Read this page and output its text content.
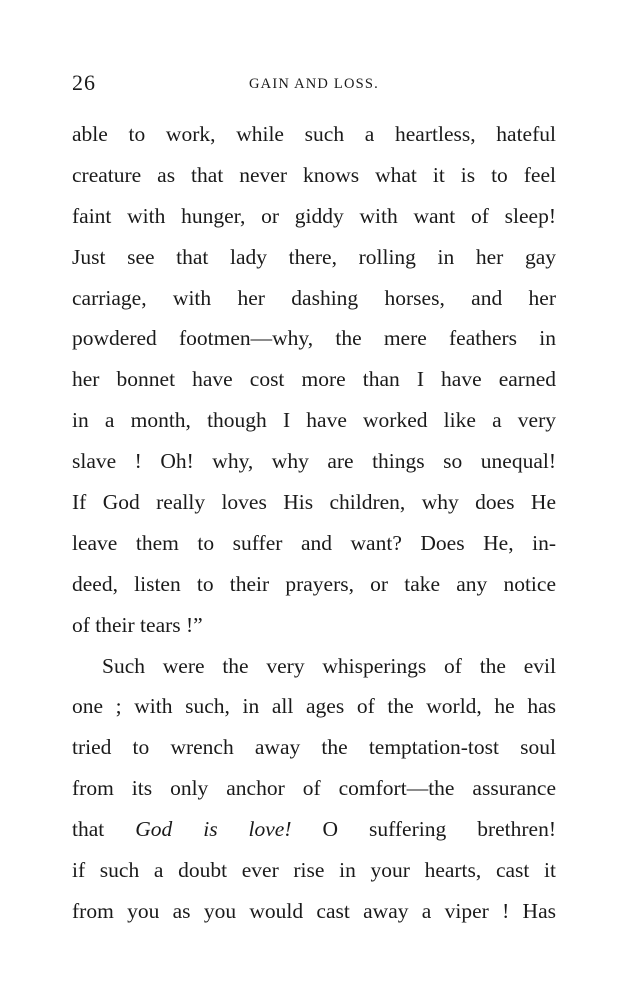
26	GAIN AND LOSS.
able to work, while such a heartless, hateful
creature as that never knows what it is to feel
faint with hunger, or giddy with want of sleep!
Just see that lady there, rolling in her gay
carriage, with her dashing horses, and her
powdered footmen—why, the mere feathers in
her bonnet have cost more than I have earned
in a month, though I have worked like a very
slave ! Oh! why, why are things so unequal!
If God really loves His children, why does He
leave them to suffer and want? Does He, in-
deed, listen to their prayers, or take any notice
of their tears !”
Such were the very whisperings of the evil
one ; with such, in all ages of the world, he has
tried to wrench away the temptation-tost soul
from its only anchor of comfort—the assurance
that God is love! O suffering brethren!
if such a doubt ever rise in your hearts, cast it
from you as you would cast away a viper ! Has
